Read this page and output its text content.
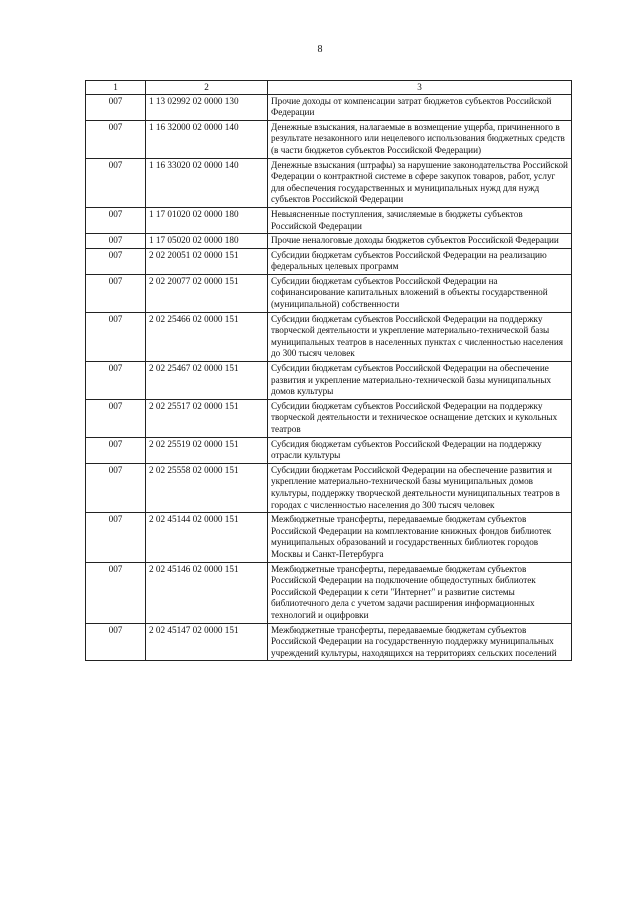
8
1	2	3
007	1 13 02992 02 0000 130	Прочие доходы от компенсации затрат бюджетов субъектов Российской Федерации
007	1 16 32000 02 0000 140	Денежные взыскания, налагаемые в возмещение ущерба, причиненного в результате незаконного или нецелевого использования бюджетных средств (в части бюджетов субъектов Российской Федерации)
007	1 16 33020 02 0000 140	Денежные взыскания (штрафы) за нарушение законодательства Российской Федерации о контрактной системе в сфере закупок товаров, работ, услуг для обеспечения государственных и муниципальных нужд для нужд субъектов Российской Федерации
007	1 17 01020 02 0000 180	Невыясненные поступления, зачисляемые в бюджеты субъектов Российской Федерации
007	1 17 05020 02 0000 180	Прочие неналоговые доходы бюджетов субъектов Российской Федерации
007	2 02 20051 02 0000 151	Субсидии бюджетам субъектов Российской Федерации на реализацию федеральных целевых программ
007	2 02 20077 02 0000 151	Субсидии бюджетам субъектов Российской Федерации на софинансирование капитальных вложений в объекты государственной (муниципальной) собственности
007	2 02 25466 02 0000 151	Субсидии бюджетам субъектов Российской Федерации на поддержку творческой деятельности и укрепление материально-технической базы муниципальных театров в населенных пунктах с численностью населения до 300 тысяч человек
007	2 02 25467 02 0000 151	Субсидии бюджетам субъектов Российской Федерации на обеспечение развития и укрепление материально-технической базы муниципальных домов культуры
007	2 02 25517 02 0000 151	Субсидии бюджетам субъектов Российской Федерации на поддержку творческой деятельности и техническое оснащение детских и кукольных театров
007	2 02 25519 02 0000 151	Субсидия бюджетам субъектов Российской Федерации на поддержку отрасли культуры
007	2 02 25558 02 0000 151	Субсидии бюджетам Российской Федерации на обеспечение развития и укрепление материально-технической базы муниципальных домов культуры, поддержку творческой деятельности муниципальных театров в городах с численностью населения до 300 тысяч человек
007	2 02 45144 02 0000 151	Межбюджетные трансферты, передаваемые бюджетам субъектов Российской Федерации на комплектование книжных фондов библиотек муниципальных образований и государственных библиотек городов Москвы и Санкт-Петербурга
007	2 02 45146 02 0000 151	Межбюджетные трансферты, передаваемые бюджетам субъектов Российской Федерации на подключение общедоступных библиотек Российской Федерации к сети "Интернет" и развитие системы библиотечного дела с учетом задачи расширения информационных технологий и оцифровки
007	2 02 45147 02 0000 151	Межбюджетные трансферты, передаваемые бюджетам субъектов Российской Федерации на государственную поддержку муниципальных учреждений культуры, находящихся на территориях сельских поселений
